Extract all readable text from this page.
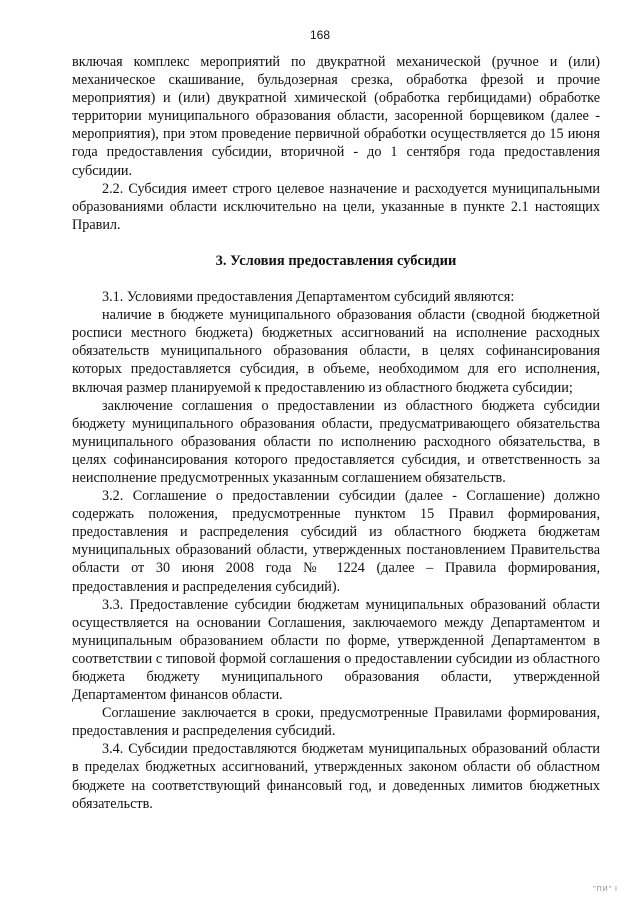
168

включая комплекс мероприятий по двукратной механической (ручное и (или) механическое скашивание, бульдозерная срезка, обработка фрезой и прочие мероприятия) и (или) двукратной химической (обработка гербицидами) обработке территории муниципального образования области, засоренной борщевиком (далее - мероприятия), при этом проведение первичной обработки осуществляется до 15 июня года предоставления субсидии, вторичной - до 1 сентября года предоставления субсидии.

2.2. Субсидия имеет строго целевое назначение и расходуется муниципальными образованиями области исключительно на цели, указанные в пункте 2.1 настоящих Правил.

3. Условия предоставления субсидии

3.1. Условиями предоставления Департаментом субсидий являются:

наличие в бюджете муниципального образования области (сводной бюджетной росписи местного бюджета) бюджетных ассигнований на исполнение расходных обязательств муниципального образования области, в целях софинансирования которых предоставляется субсидия, в объеме, необходимом для его исполнения, включая размер планируемой к предоставлению из областного бюджета субсидии;

заключение соглашения о предоставлении из областного бюджета субсидии бюджету муниципального образования области, предусматривающего обязательства муниципального образования области по исполнению расходного обязательства, в целях софинансирования которого предоставляется субсидия, и ответственность за неисполнение предусмотренных указанным соглашением обязательств.

3.2. Соглашение о предоставлении субсидии (далее - Соглашение) должно содержать положения, предусмотренные пунктом 15 Правил формирования, предоставления и распределения субсидий из областного бюджета бюджетам муниципальных образований области, утвержденных постановлением Правительства области от 30 июня 2008 года № 1224 (далее – Правила формирования, предоставления и распределения субсидий).

3.3. Предоставление субсидии бюджетам муниципальных образований области осуществляется на основании Соглашения, заключаемого между Департаментом и муниципальным образованием области по форме, утвержденной Департаментом в соответствии с типовой формой соглашения о предоставлении субсидии из областного бюджета бюджету муниципального образования области, утвержденной Департаментом финансов области.

Соглашение заключается в сроки, предусмотренные Правилами формирования, предоставления и распределения субсидий.

3.4. Субсидии предоставляются бюджетам муниципальных образований области в пределах бюджетных ассигнований, утвержденных законом области об областном бюджете на соответствующий финансовый год, и доведенных лимитов бюджетных обязательств.

"ПИ" I
